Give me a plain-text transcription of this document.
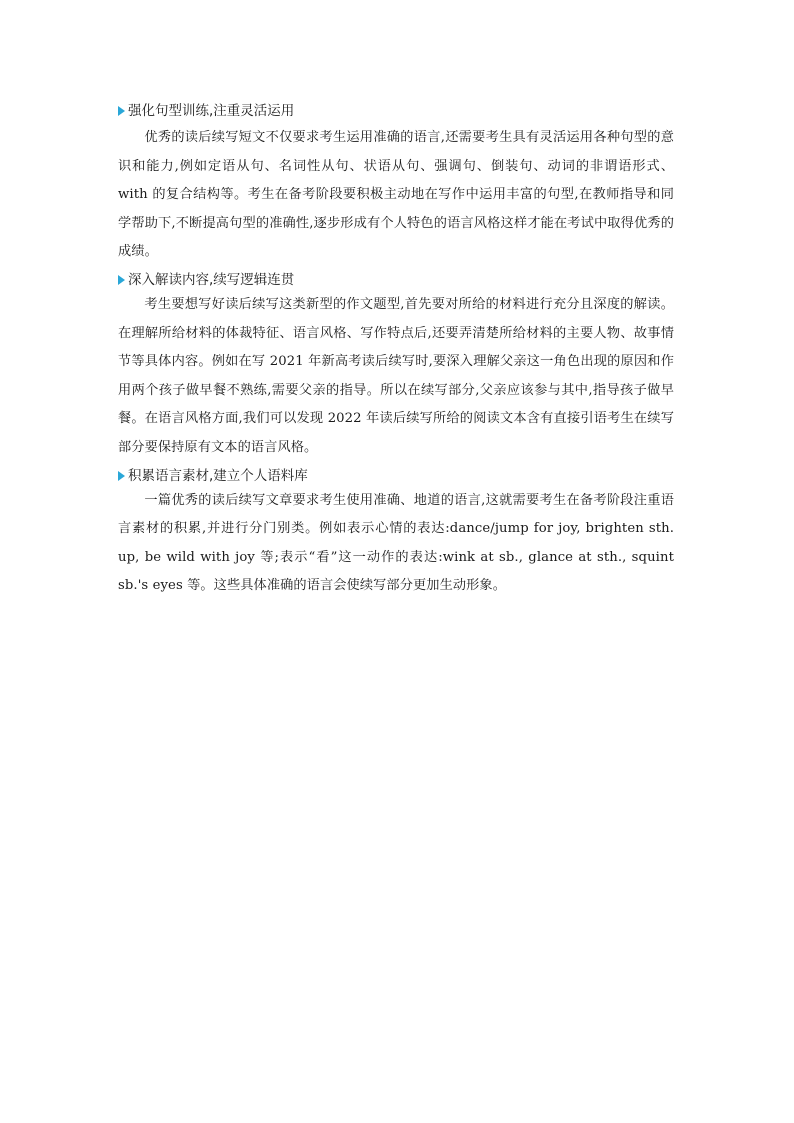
强化句型训练,注重灵活运用

优秀的读后续写短文不仅要求考生运用准确的语言,还需要考生具有灵活运用各种句型的意识和能力,例如定语从句、名词性从句、状语从句、强调句、倒装句、动词的非谓语形式、 with 的复合结构等。考生在备考阶段要积极主动地在写作中运用丰富的句型,在教师指导和同学帮助下,不断提高句型的准确性,逐步形成有个人特色的语言风格这样才能在考试中取得优秀的成绩。

深入解读内容,续写逻辑连贯

考生要想写好读后续写这类新型的作文题型,首先要对所给的材料进行充分且深度的解读。在理解所给材料的体裁特征、语言风格、写作特点后,还要弄清楚所给材料的主要人物、故事情节等具体内容。例如在写 2021 年新高考读后续写时,要深入理解父亲这一角色出现的原因和作用两个孩子做早餐不熟练,需要父亲的指导。所以在续写部分,父亲应该参与其中,指导孩子做早餐。在语言风格方面,我们可以发现 2022 年读后续写所给的阅读文本含有直接引语考生在续写部分要保持原有文本的语言风格。

积累语言素材,建立个人语料库

一篇优秀的读后续写文章要求考生使用准确、地道的语言,这就需要考生在备考阶段注重语言素材的积累,并进行分门别类。例如表示心情的表达:dance/jump for joy, brighten sth. up, be wild with joy 等;表示“看”这一动作的表达:wink at sb., glance at sth., squint sb.'s eyes 等。这些具体准确的语言会使续写部分更加生动形象。
